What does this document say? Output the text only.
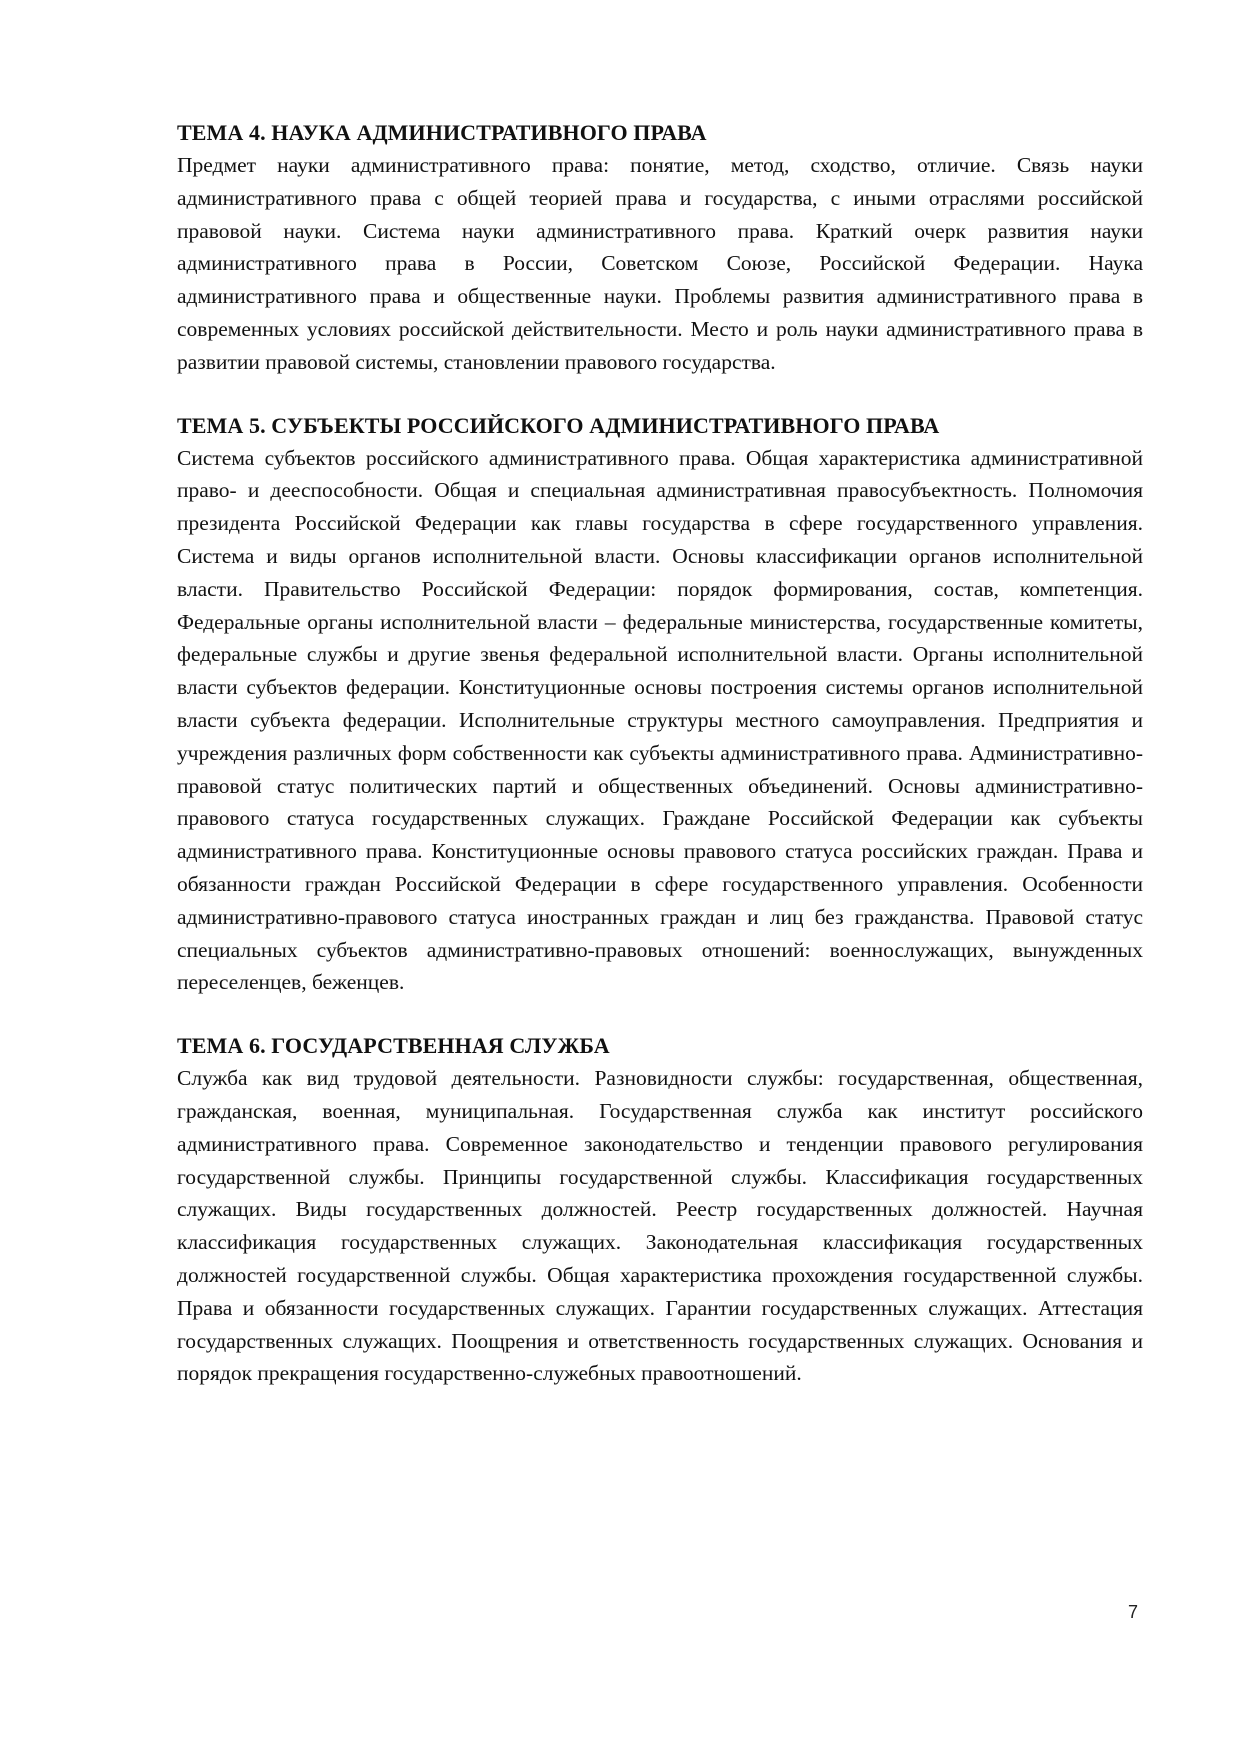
ТЕМА 4. НАУКА АДМИНИСТРАТИВНОГО ПРАВА

Предмет науки административного права: понятие, метод, сходство, отличие. Связь науки административного права с общей теорией права и государства, с иными отраслями российской правовой науки. Система науки административного права. Краткий очерк развития науки административного права в России, Советском Союзе, Российской Федерации. Наука административного права и общественные науки. Проблемы развития административного права в современных условиях российской действительности. Место и роль науки административного права в развитии правовой системы, становлении правового государства.

ТЕМА 5. СУБЪЕКТЫ РОССИЙСКОГО АДМИНИСТРАТИВНОГО ПРАВА

Система субъектов российского административного права. Общая характеристика административной право- и дееспособности. Общая и специальная административная правосубъектность. Полномочия президента Российской Федерации как главы государства в сфере государственного управления. Система и виды органов исполнительной власти. Основы классификации органов исполнительной власти. Правительство Российской Федерации: порядок формирования, состав, компетенция. Федеральные органы исполнительной власти – федеральные министерства, государственные комитеты, федеральные службы и другие звенья федеральной исполнительной власти. Органы исполнительной власти субъектов федерации. Конституционные основы построения системы органов исполнительной власти субъекта федерации. Исполнительные структуры местного самоуправления. Предприятия и учреждения различных форм собственности как субъекты административного права. Административно-правовой статус политических партий и общественных объединений. Основы административно-правового статуса государственных служащих. Граждане Российской Федерации как субъекты административного права. Конституционные основы правового статуса российских граждан. Права и обязанности граждан Российской Федерации в сфере государственного управления. Особенности административно-правового статуса иностранных граждан и лиц без гражданства. Правовой статус специальных субъектов административно-правовых отношений: военнослужащих, вынужденных переселенцев, беженцев.

ТЕМА 6. ГОСУДАРСТВЕННАЯ СЛУЖБА

Служба как вид трудовой деятельности. Разновидности службы: государственная, общественная, гражданская, военная, муниципальная. Государственная служба как институт российского административного права. Современное законодательство и тенденции правового регулирования государственной службы. Принципы государственной службы. Классификация государственных служащих. Виды государственных должностей. Реестр государственных должностей. Научная классификация государственных служащих. Законодательная классификация государственных должностей государственной службы. Общая характеристика прохождения государственной службы. Права и обязанности государственных служащих. Гарантии государственных служащих. Аттестация государственных служащих. Поощрения и ответственность государственных служащих. Основания и порядок прекращения государственно-служебных правоотношений.

7
